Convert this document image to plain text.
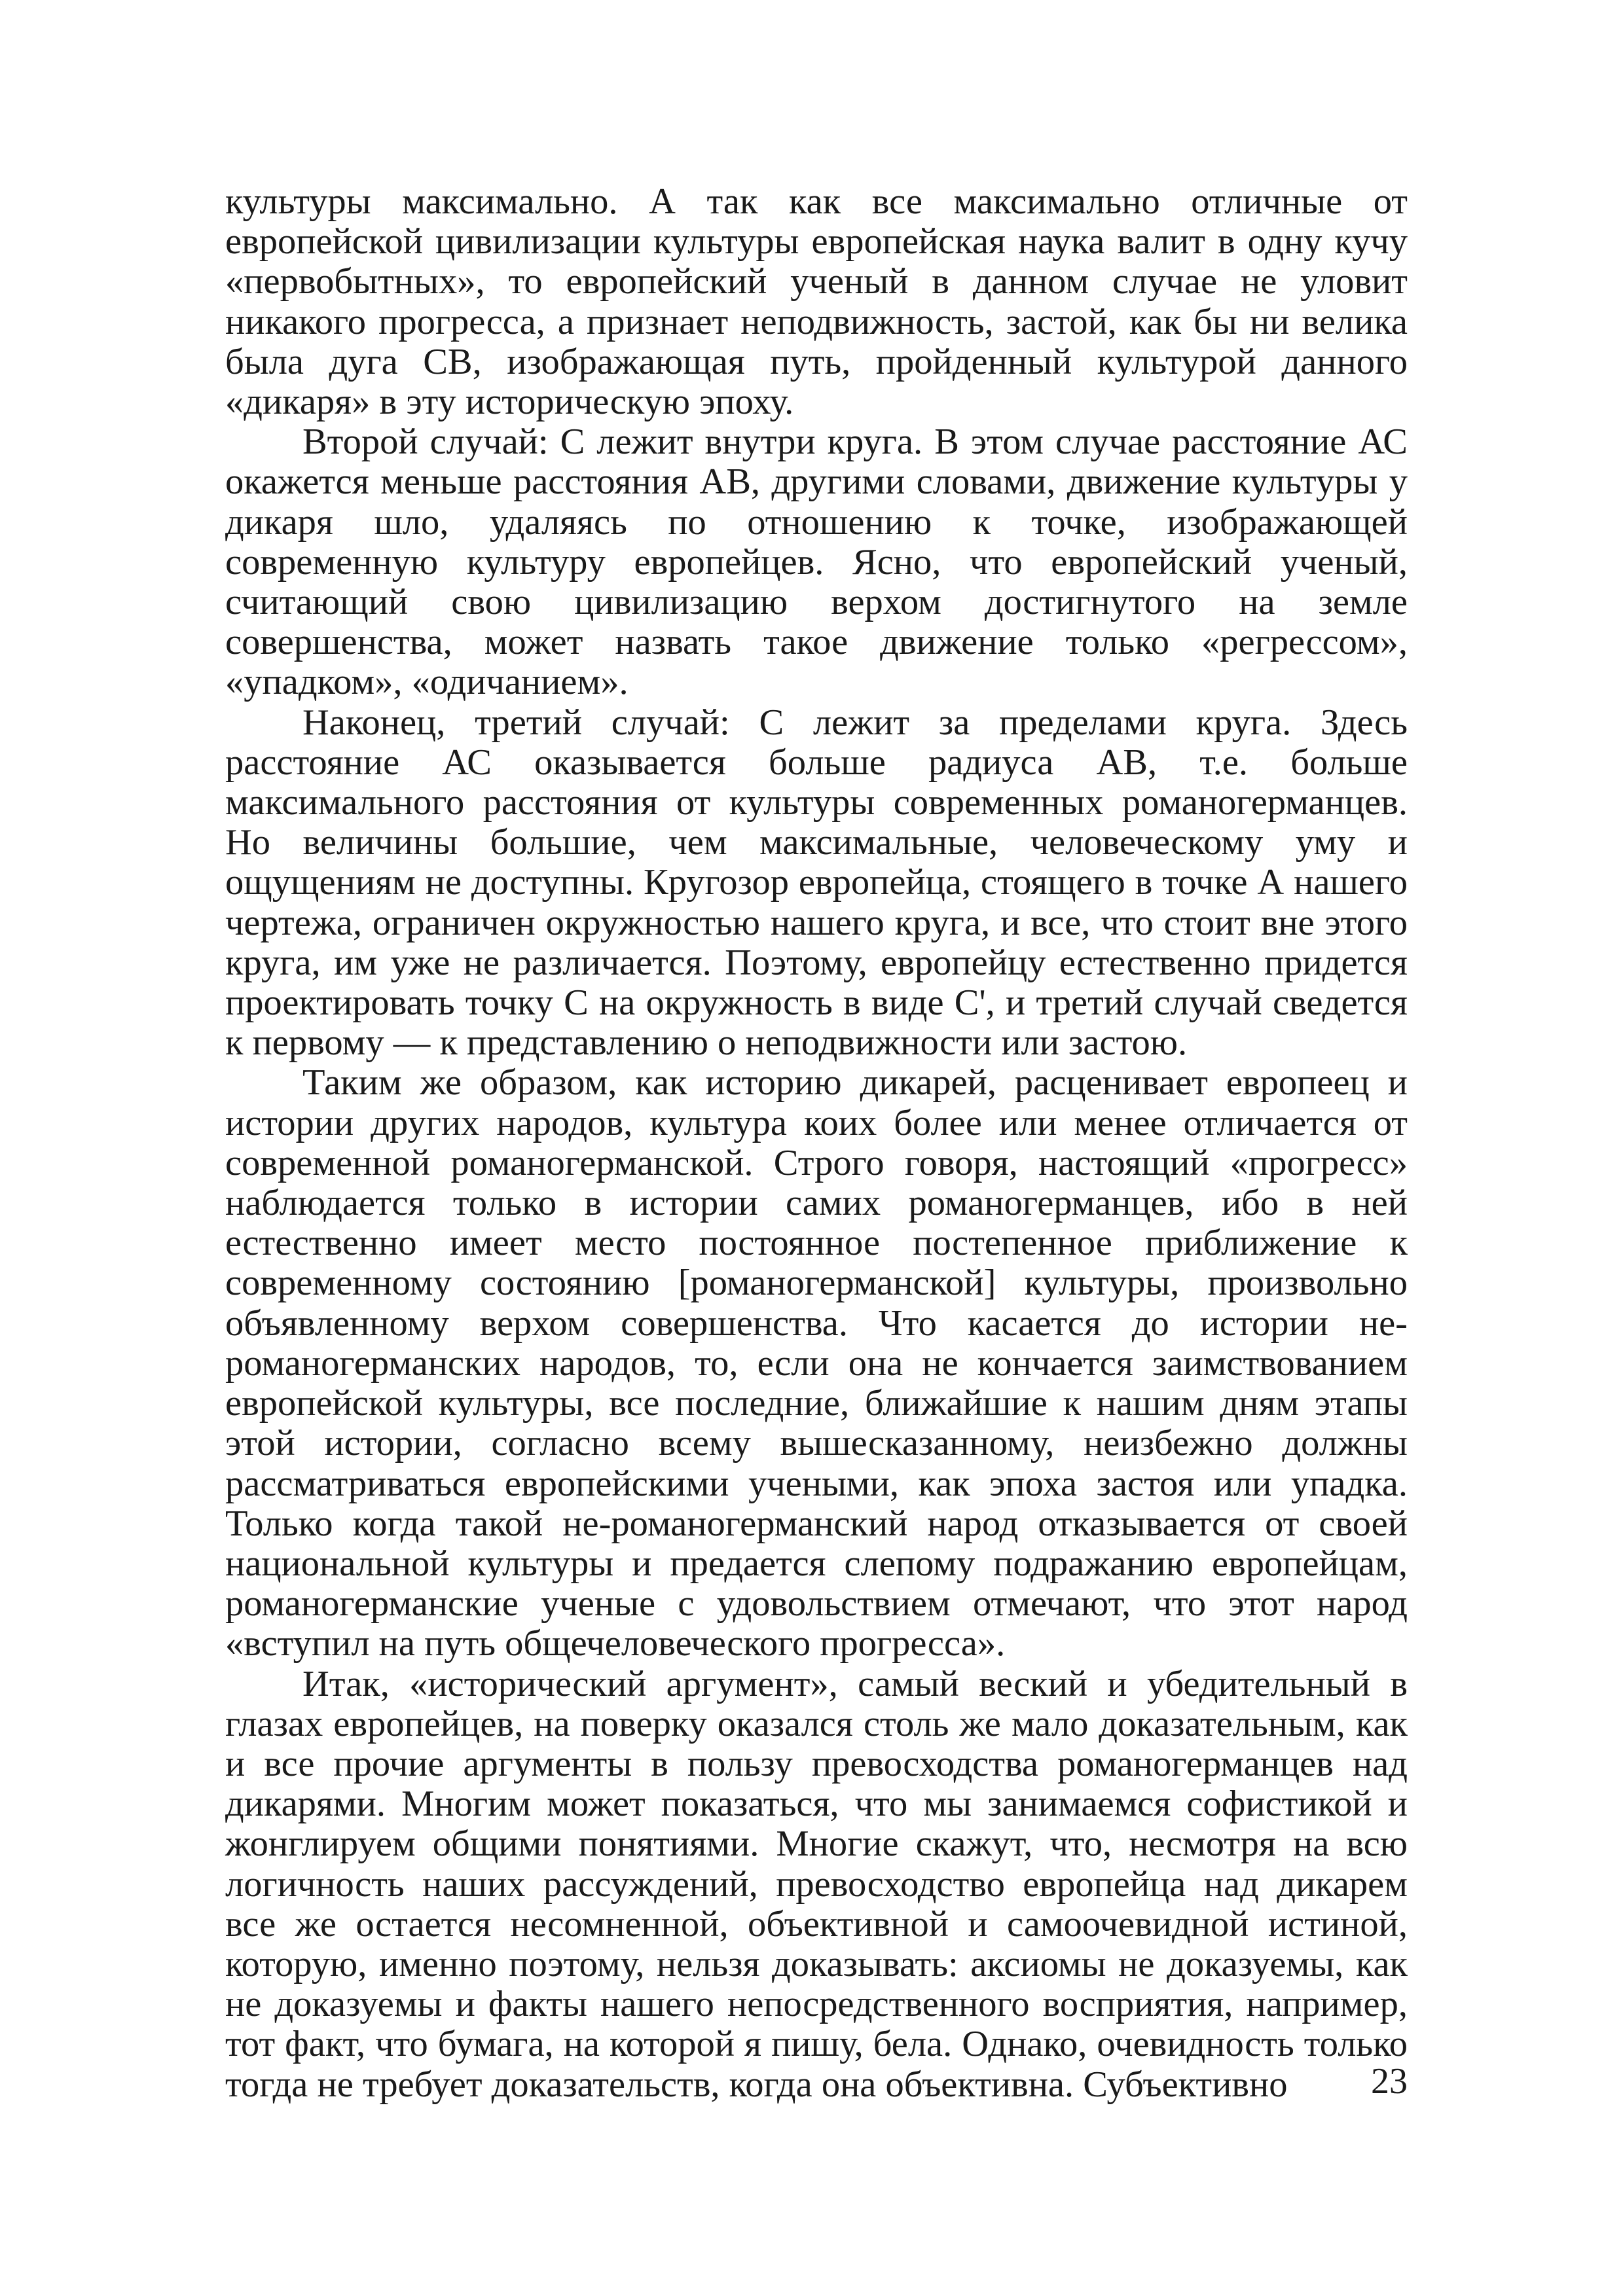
культуры максимально. А так как все максимально отличные от европейской цивилизации культуры европейская наука валит в одну кучу «первобытных», то европейский ученый в данном случае не уловит никакого прогресса, а признает неподвижность, застой, как бы ни велика была дуга СВ, изображающая путь, пройденный культурой данного «дикаря» в эту историческую эпоху.

Второй случай: С лежит внутри круга. В этом случае расстояние АС окажется меньше расстояния АВ, другими словами, движение культуры у дикаря шло, удаляясь по отношению к точке, изображающей современную культуру европейцев. Ясно, что европейский ученый, считающий свою цивилизацию верхом достигнутого на земле совершенства, может назвать такое движение только «регрессом», «упадком», «одичанием».

Наконец, третий случай: С лежит за пределами круга. Здесь расстояние АС оказывается больше радиуса АВ, т.е. больше максимального расстояния от культуры современных романогерманцев. Но величины большие, чем максимальные, человеческому уму и ощущениям не доступны. Кругозор европейца, стоящего в точке А нашего чертежа, ограничен окружностью нашего круга, и все, что стоит вне этого круга, им уже не различается. Поэтому, европейцу естественно придется проектировать точку С на окружность в виде С', и третий случай сведется к первому — к представлению о неподвижности или застою.

Таким же образом, как историю дикарей, расценивает европеец и истории других народов, культура коих более или менее отличается от современной романогерманской. Строго говоря, настоящий «прогресс» наблюдается только в истории самих романогерманцев, ибо в ней естественно имеет место постоянное постепенное приближение к современному состоянию [романогерманской] культуры, произвольно объявленному верхом совершенства. Что касается до истории не-романогерманских народов, то, если она не кончается заимствованием европейской культуры, все последние, ближайшие к нашим дням этапы этой истории, согласно всему вышесказанному, неизбежно должны рассматриваться европейскими учеными, как эпоха застоя или упадка. Только когда такой не-романогерманский народ отказывается от своей национальной культуры и предается слепому подражанию европейцам, романогерманские ученые с удовольствием отмечают, что этот народ «вступил на путь общечеловеческого прогресса».

Итак, «исторический аргумент», самый веский и убедительный в глазах европейцев, на поверку оказался столь же мало доказательным, как и все прочие аргументы в пользу превосходства романогерманцев над дикарями. Многим может показаться, что мы занимаемся софистикой и жонглируем общими понятиями. Многие скажут, что, несмотря на всю логичность наших рассуждений, превосходство европейца над дикарем все же остается несомненной, объективной и самоочевидной истиной, которую, именно поэтому, нельзя доказывать: аксиомы не доказуемы, как не доказуемы и факты нашего непосредственного восприятия, например, тот факт, что бумага, на которой я пишу, бела. Однако, очевидность только тогда не требует доказательств, когда она объективна. Субъективно	23
